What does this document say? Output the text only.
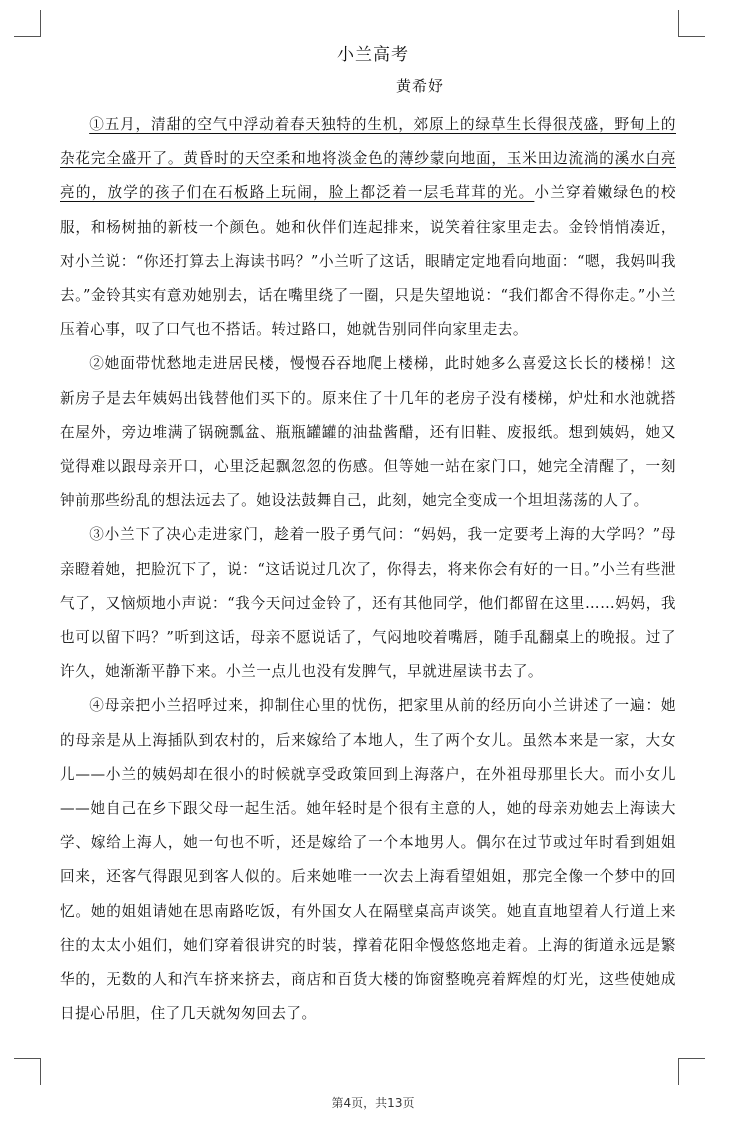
小兰高考
黄希妤

①五月，清甜的空气中浮动着春天独特的生机，郊原上的绿草生长得很茂盛，野甸上的杂花完全盛开了。黄昏时的天空柔和地将淡金色的薄纱蒙向地面，玉米田边流淌的溪水白亮亮的，放学的孩子们在石板路上玩闹，脸上都泛着一层毛茸茸的光。小兰穿着嫩绿色的校服，和杨树抽的新枝一个颜色。她和伙伴们连起排来，说笑着往家里走去。金铃悄悄凑近，对小兰说：“你还打算去上海读书吗？”小兰听了这话，眼睛定定地看向地面：“嗯，我妈叫我去。”金铃其实有意劝她别去，话在嘴里绕了一圈，只是失望地说：“我们都舍不得你走。”小兰压着心事，叹了口气也不搭话。转过路口，她就告别同伴向家里走去。

②她面带忧愁地走进居民楼，慢慢吞吞地爬上楼梯，此时她多么喜爱这长长的楼梯！这新房子是去年姨妈出钱替他们买下的。原来住了十几年的老房子没有楼梯，炉灶和水池就搭在屋外，旁边堆满了锅碗瓢盆、瓶瓶罐罐的油盐酱醋，还有旧鞋、废报纸。想到姨妈，她又觉得难以跟母亲开口，心里泛起飘忽忽的伤感。但等她一站在家门口，她完全清醒了，一刻钟前那些纷乱的想法远去了。她设法鼓舞自己，此刻，她完全变成一个坦坦荡荡的人了。

③小兰下了决心走进家门，趁着一股子勇气问：“妈妈，我一定要考上海的大学吗？”母亲瞪着她，把脸沉下了，说：“这话说过几次了，你得去，将来你会有好的一日。”小兰有些泄气了，又恼烦地小声说：“我今天问过金铃了，还有其他同学，他们都留在这里……妈妈，我也可以留下吗？”听到这话，母亲不愿说话了，气闷地咬着嘴唇，随手乱翻桌上的晚报。过了许久，她渐渐平静下来。小兰一点儿也没有发脾气，早就进屋读书去了。

④母亲把小兰招呼过来，抑制住心里的忧伤，把家里从前的经历向小兰讲述了一遍：她的母亲是从上海插队到农村的，后来嫁给了本地人，生了两个女儿。虽然本来是一家，大女儿——小兰的姨妈却在很小的时候就享受政策回到上海落户，在外祖母那里长大。而小女儿——她自己在乡下跟父母一起生活。她年轻时是个很有主意的人，她的母亲劝她去上海读大学、嫁给上海人，她一句也不听，还是嫁给了一个本地男人。偶尔在过节或过年时看到姐姐回来，还客气得跟见到客人似的。后来她唯一一次去上海看望姐姐，那完全像一个梦中的回忆。她的姐姐请她在思南路吃饭，有外国女人在隔壁桌高声谈笑。她直直地望着人行道上来往的太太小姐们，她们穿着很讲究的时装，撑着花阳伞慢悠悠地走着。上海的街道永远是繁华的，无数的人和汽车挤来挤去，商店和百货大楼的饰窗整晚亮着辉煌的灯光，这些使她成日提心吊胆，住了几天就匆匆回去了。

第4页，共13页
